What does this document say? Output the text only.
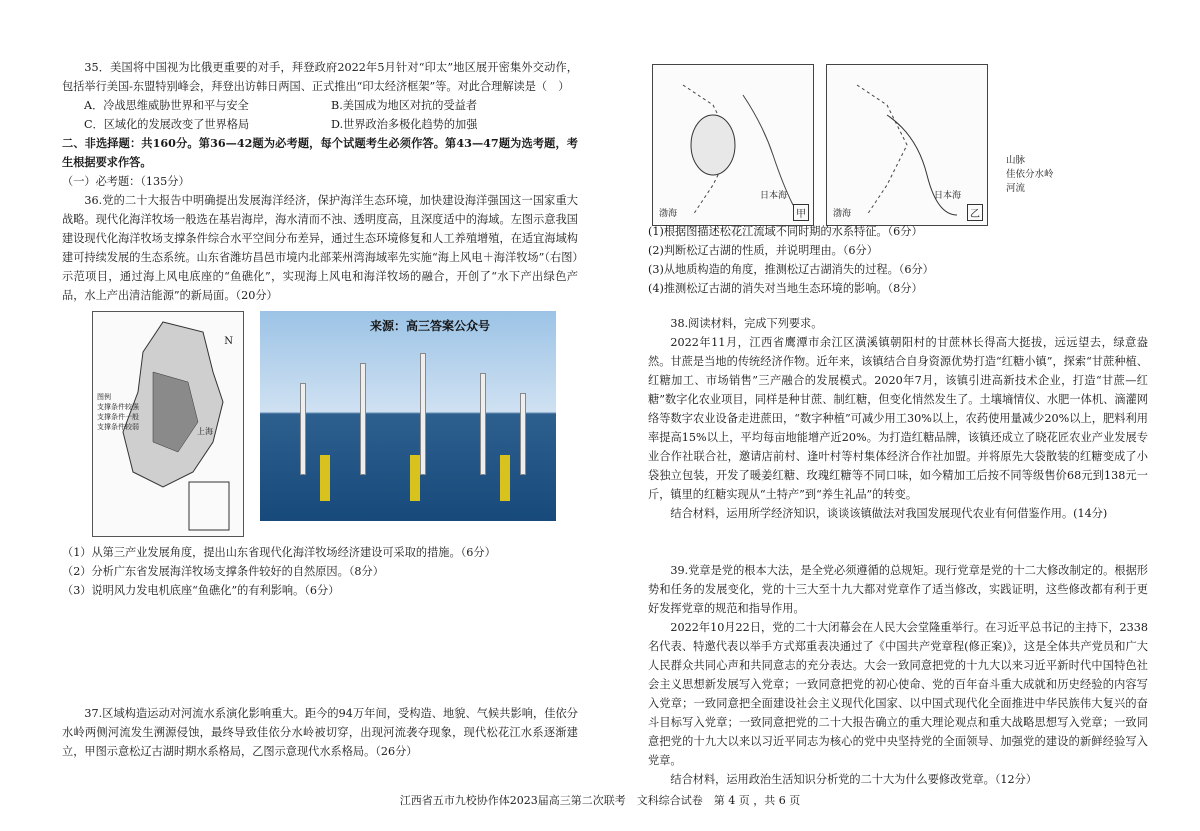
35．美国将中国视为比俄更重要的对手，拜登政府2022年5月针对“印太”地区展开密集外交动作，包括举行美国-东盟特别峰会，拜登出访韩日两国、正式推出“印太经济框架”等。对此合理解读是（　）

A．冷战思维威胁世界和平与安全	B.美国成为地区对抗的受益者
C．区域化的发展改变了世界格局	D.世界政治多极化趋势的加强

二、非选择题：共160分。第36—42题为必考题，每个试题考生必须作答。第43—47题为选考题，考生根据要求作答。

（一）必考题：（135分）

36.党的二十大报告中明确提出发展海洋经济，保护海洋生态环境，加快建设海洋强国这一国家重大战略。现代化海洋牧场一般选在基岩海岸，海水清而不浊、透明度高，且深度适中的海域。左图示意我国建设现代化海洋牧场支撑条件综合水平空间分布差异，通过生态环境修复和人工养殖增殖，在适宜海域构建可持续发展的生态系统。山东省潍坊昌邑市境内北部莱州湾海域率先实施“海上风电＋海洋牧场”（右图）示范项目，通过海上风电底座的“鱼礁化”，实现海上风电和海洋牧场的融合，开创了“水下产出绿色产品，水上产出清洁能源”的新局面。（20分）

N
上海
图例
支撑条件较强
支撑条件一般
支撑条件较弱
来源：高三答案公众号

（1）从第三产业发展角度，提出山东省现代化海洋牧场经济建设可采取的措施。（6分）

（2）分析广东省发展海洋牧场支撑条件较好的自然原因。（8分）

（3）说明风力发电机底座“鱼礁化”的有利影响。（6分）

37.区域构造运动对河流水系演化影响重大。距今的94万年间，受构造、地貌、气候共影响，佳依分水岭两侧河流发生溯源侵蚀，最终导致佳依分水岭被切穿，出现河流袭夺现象，现代松花江水系逐渐建立，甲图示意松辽古湖时期水系格局，乙图示意现代水系格局。（26分）

甲
渤海
日本海
乙
渤海
日本海
山脉
佳依分水岭
河流

(1)根据图描述松花江流域不同时期的水系特征。（6分）

(2)判断松辽古湖的性质，并说明理由。（6分）

(3)从地质构造的角度，推测松辽古湖消失的过程。（6分）

(4)推测松辽古湖的消失对当地生态环境的影响。（8分）

38.阅读材料，完成下列要求。

2022年11月，江西省鹰潭市余江区潢溪镇朝阳村的甘蔗林长得高大挺拔，远远望去，绿意盎然。甘蔗是当地的传统经济作物。近年来，该镇结合自身资源优势打造“红糖小镇”，探索“甘蔗种植、红糖加工、市场销售”三产融合的发展模式。2020年7月，该镇引进高新技术企业，打造“甘蔗—红糖”数字化农业项目，同样是种甘蔗、制红糖，但变化悄然发生了。土壤墒情仪、水肥一体机、滴灌网络等数字农业设备走进蔗田，“数字种植”可减少用工30%以上，农药使用量减少20%以上，肥料利用率提高15%以上，平均每亩地能增产近20%。为打造红糖品牌，该镇还成立了晓花匠农业产业发展专业合作社联合社，邀请店前村、逢叶村等村集体经济合作社加盟。并将原先大袋散装的红糖变成了小袋独立包装，开发了暖姜红糖、玫瑰红糖等不同口味，如今精加工后按不同等级售价68元到138元一斤，镇里的红糖实现从“土特产”到“养生礼品”的转变。

结合材料，运用所学经济知识，谈谈该镇做法对我国发展现代农业有何借鉴作用。(14分)

39.党章是党的根本大法，是全党必须遵循的总规矩。现行党章是党的十二大修改制定的。根据形势和任务的发展变化，党的十三大至十九大都对党章作了适当修改，实践证明，这些修改都有利于更好发挥党章的规范和指导作用。

2022年10月22日，党的二十大闭幕会在人民大会堂隆重举行。在习近平总书记的主持下，2338名代表、特邀代表以举手方式郑重表决通过了《中国共产党章程(修正案)》，这是全体共产党员和广大人民群众共同心声和共同意志的充分表达。大会一致同意把党的十九大以来习近平新时代中国特色社会主义思想新发展写入党章；一致同意把党的初心使命、党的百年奋斗重大成就和历史经验的内容写入党章；一致同意把全面建设社会主义现代化国家、以中国式现代化全面推进中华民族伟大复兴的奋斗目标写入党章；一致同意把党的二十大报告确立的重大理论观点和重大战略思想写入党章；一致同意把党的十九大以来以习近平同志为核心的党中央坚持党的全面领导、加强党的建设的新鲜经验写入党章。

结合材料，运用政治生活知识分析党的二十大为什么要修改党章。（12分）

江西省五市九校协作体2023届高三第二次联考　文科综合试卷　第 4 页 ，共 6 页
